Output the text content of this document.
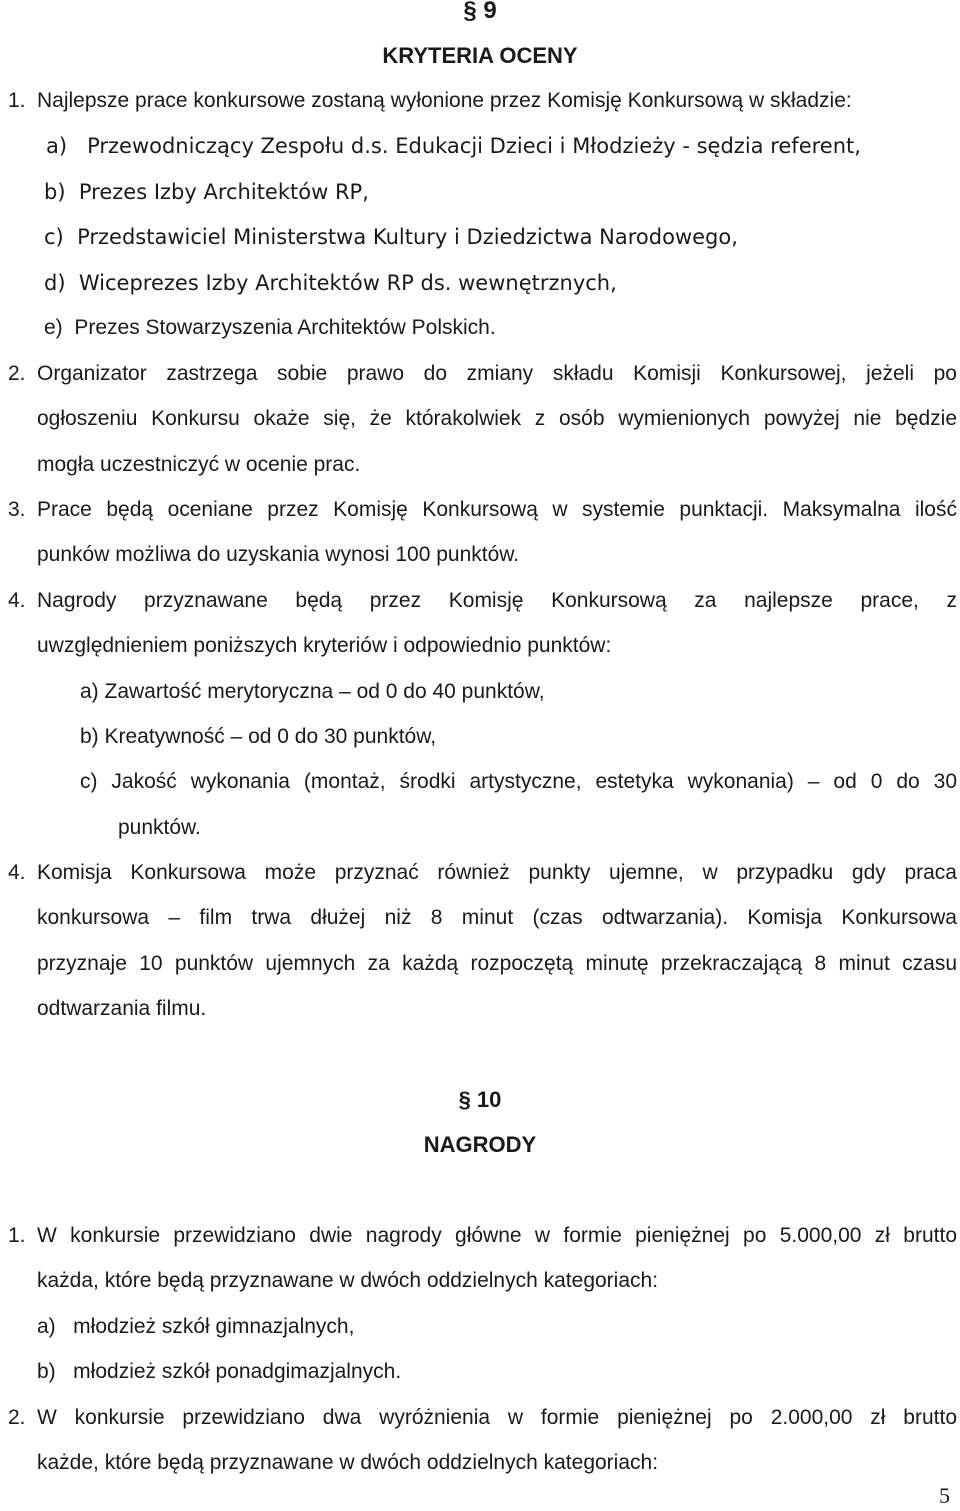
§ 9
KRYTERIA OCENY
1. Najlepsze prace konkursowe zostaną wyłonione przez Komisję Konkursową w składzie:
a)   Przewodniczący Zespołu d.s. Edukacji Dzieci i Młodzieży - sędzia referent,
b)  Prezes Izby Architektów RP,
c)  Przedstawiciel Ministerstwa Kultury i Dziedzictwa Narodowego,
d)  Wiceprezes Izby Architektów RP ds. wewnętrznych,
e)  Prezes Stowarzyszenia Architektów Polskich.
2. Organizator zastrzega sobie prawo do zmiany składu Komisji Konkursowej, jeżeli po
ogłoszeniu Konkursu okaże się, że którakolwiek z osób wymienionych powyżej nie będzie
mogła uczestniczyć w ocenie prac.
3. Prace będą oceniane przez Komisję Konkursową w systemie punktacji. Maksymalna ilość
punków możliwa do uzyskania wynosi 100 punktów.
4. Nagrody przyznawane będą przez Komisję Konkursową za najlepsze prace, z
uwzględnieniem poniższych kryteriów i odpowiednio punktów:
a) Zawartość merytoryczna – od 0 do 40 punktów,
b) Kreatywność – od 0 do 30 punktów,
c) Jakość wykonania (montaż, środki artystyczne, estetyka wykonania) – od 0 do 30
punktów.
4. Komisja Konkursowa może przyznać również punkty ujemne, w przypadku gdy praca
konkursowa – film trwa dłużej niż 8 minut (czas odtwarzania). Komisja Konkursowa
przyznaje 10 punktów ujemnych za każdą rozpoczętą minutę przekraczającą 8 minut czasu
odtwarzania filmu.
§ 10
NAGRODY
1. W konkursie przewidziano dwie nagrody główne w formie pieniężnej po 5.000,00 zł brutto
każda, które będą przyznawane w dwóch oddzielnych kategoriach:
a)   młodzież szkół gimnazjalnych,
b)   młodzież szkół ponadgimazjalnych.
2. W konkursie przewidziano dwa wyróżnienia w formie pieniężnej po 2.000,00 zł brutto
każde, które będą przyznawane w dwóch oddzielnych kategoriach:
5
